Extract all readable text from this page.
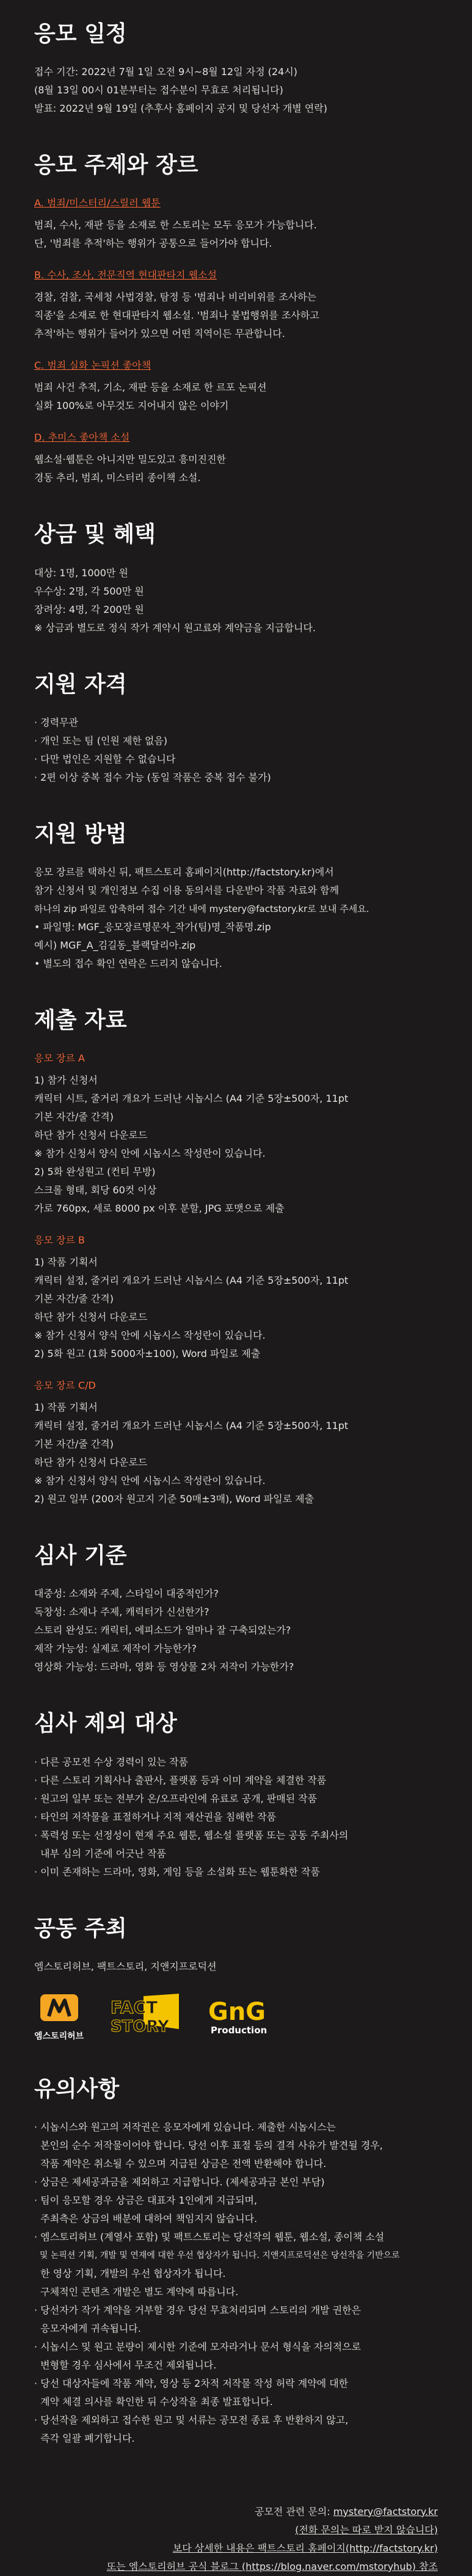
응모 일정

접수 기간: 2022년 7월 1일 오전 9시~8월 12일 자정 (24시)

(8월 13일 00시 01분부터는 접수분이 무효로 처리됩니다)

발표: 2022년 9월 19일 (추후사 홈페이지 공지 및 당선자 개별 연락)

응모 주제와 장르
A. 범죄/미스터리/스릴러 웹툰

범죄, 수사, 재판 등을 소재로 한 스토리는 모두 응모가 가능합니다.

단, '범죄를 추적'하는 행위가 공통으로 들어가야 합니다.

B. 수사, 조사, 전문직역 현대판타지 웹소설

경찰, 검찰, 국세청 사법경찰, 탐정 등 '범죄나 비리비위를 조사하는

직종'을 소재로 한 현대판타지 웹소설. '범죄나 불법행위를 조사하고

추적'하는 행위가 들어가 있으면 어떤 직역이든 무관합니다.

C. 범죄 실화 논픽션 좋아책

범죄 사건 추적, 기소, 재판 등을 소재로 한 르포 논픽션

실화 100%로 아무것도 지어내지 않은 이야기

D. 추미스 좋아책 소설

웹소설·웹툰은 아니지만 밀도있고 흥미진진한

경동 추리, 범죄, 미스터리 종이책 소설.

상금 및 혜택

대상: 1명, 1000만 원

우수상: 2명, 각 500만 원

장려상: 4명, 각 200만 원

※ 상금과 별도로 정식 작가 계약시 원고료와 계약금을 지급합니다.

지원 자격

· 경력무관

· 개인 또는 팀 (인원 제한 없음)

· 다만 법인은 지원할 수 없습니다

· 2편 이상 중복 접수 가능 (동일 작품은 중복 접수 불가)

지원 방법

응모 장르를 택하신 뒤, 팩트스토리 홈페이지(http://factstory.kr)에서

참가 신청서 및 개인정보 수집 이용 동의서를 다운받아 작품 자료와 함께

하나의 zip 파일로 압축하여 접수 기간 내에 mystery@factstory.kr로 보내 주세요.

• 파일명: MGF_응모장르명문자_작가(팀)명_작품명.zip

예시) MGF_A_김길동_블랙달리아.zip

• 별도의 접수 확인 연락은 드리지 않습니다.

제출 자료
응모 장르 A

1) 참가 신청서

캐릭터 시트, 줄거리 개요가 드러난 시놉시스 (A4 기준 5장±500자, 11pt

기본 자간/줄 간격)

하단 참가 신청서 다운로드

※ 참가 신청서 양식 안에 시놉시스 작성란이 있습니다.

2) 5화 완성원고 (컨티 무방)

스크롤 형태, 회당 60컷 이상

가로 760px, 세로 8000 px 이후 분할, JPG 포맷으로 제출

응모 장르 B

1) 작품 기획서

캐릭터 설정, 줄거리 개요가 드러난 시놉시스 (A4 기준 5장±500자, 11pt

기본 자간/줄 간격)

하단 참가 신청서 다운로드

※ 참가 신청서 양식 안에 시놉시스 작성란이 있습니다.

2) 5화 원고 (1화 5000자±100), Word 파일로 제출

응모 장르 C/D

1) 작품 기획서

캐릭터 설정, 줄거리 개요가 드러난 시놉시스 (A4 기준 5장±500자, 11pt

기본 자간/줄 간격)

하단 참가 신청서 다운로드

※ 참가 신청서 양식 안에 시놉시스 작성란이 있습니다.

2) 원고 일부 (200자 원고지 기준 50매±3매), Word 파일로 제출

심사 기준

대중성: 소재와 주제, 스타일이 대중적인가?

독창성: 소재나 주제, 캐릭터가 신선한가?

스토리 완성도: 캐릭터, 에피소드가 얼마나 잘 구축되었는가?

제작 가능성: 실제로 제작이 가능한가?

영상화 가능성: 드라마, 영화 등 영상물 2차 저작이 가능한가?

심사 제외 대상

· 다른 공모전 수상 경력이 있는 작품

· 다른 스토리 기획사나 출판사, 플랫폼 등과 이미 계약을 체결한 작품

· 원고의 일부 또는 전부가 온/오프라인에 유료로 공개, 판매된 작품

· 타인의 저작물을 표절하거나 지적 재산권을 침해한 작품

· 폭력성 또는 선정성이 현재 주요 웹툰, 웹소설 플랫폼 또는 공동 주최사의

내부 심의 기준에 어긋난 작품

· 이미 존재하는 드라마, 영화, 게임 등을 소설화 또는 웹툰화한 작품

공동 주최

엠스토리허브, 팩트스토리, 지앤지프로덕션

엠스토리허브
FACT
STORY
GnG
Production
유의사항

· 시놉시스와 원고의 저작권은 응모자에게 있습니다. 제출한 시놉시스는

본인의 순수 저작물이어야 합니다. 당선 이후 표절 등의 결격 사유가 발견될 경우,

작품 계약은 취소될 수 있으며 지급된 상금은 전액 반환해야 합니다.

· 상금은 제세공과금을 제외하고 지급합니다. (제세공과금 본인 부담)

· 팀이 응모할 경우 상금은 대표자 1인에게 지급되며,

주최측은 상금의 배분에 대하여 책임지지 않습니다.

· 엠스토리허브 (계열사 포함) 및 팩트스토리는 당선작의 웹툰, 웹소설, 종이책 소설

및 논픽션 기획, 개발 및 연재에 대한 우선 협상자가 됩니다. 지앤지프로덕션은 당선작을 기반으로

한 영상 기획, 개발의 우선 협상자가 됩니다.

구체적인 콘텐츠 개발은 별도 계약에 따릅니다.

· 당선자가 작가 계약을 거부할 경우 당선 무효처리되며 스토리의 개발 권한은

응모자에게 귀속됩니다.

· 시놉시스 및 원고 분량이 제시한 기준에 모자라거나 문서 형식을 자의적으로

변형할 경우 심사에서 무조건 제외됩니다.

· 당선 대상자들에 작품 계약, 영상 등 2차적 저작물 작성 허락 계약에 대한

계약 체결 의사를 확인한 뒤 수상작을 최종 발표합니다.

· 당선작을 제외하고 접수한 원고 및 서류는 공모전 종료 후 반환하지 않고,

즉각 일괄 폐기합니다.

공모전 관련 문의: mystery@factstory.kr
(전화 문의는 따로 받지 않습니다)
보다 상세한 내용은 팩트스토리 홈페이지(http://factstory.kr)
또는 엠스토리허브 공식 블로그 (https://blog.naver.com/mstoryhub) 참조
